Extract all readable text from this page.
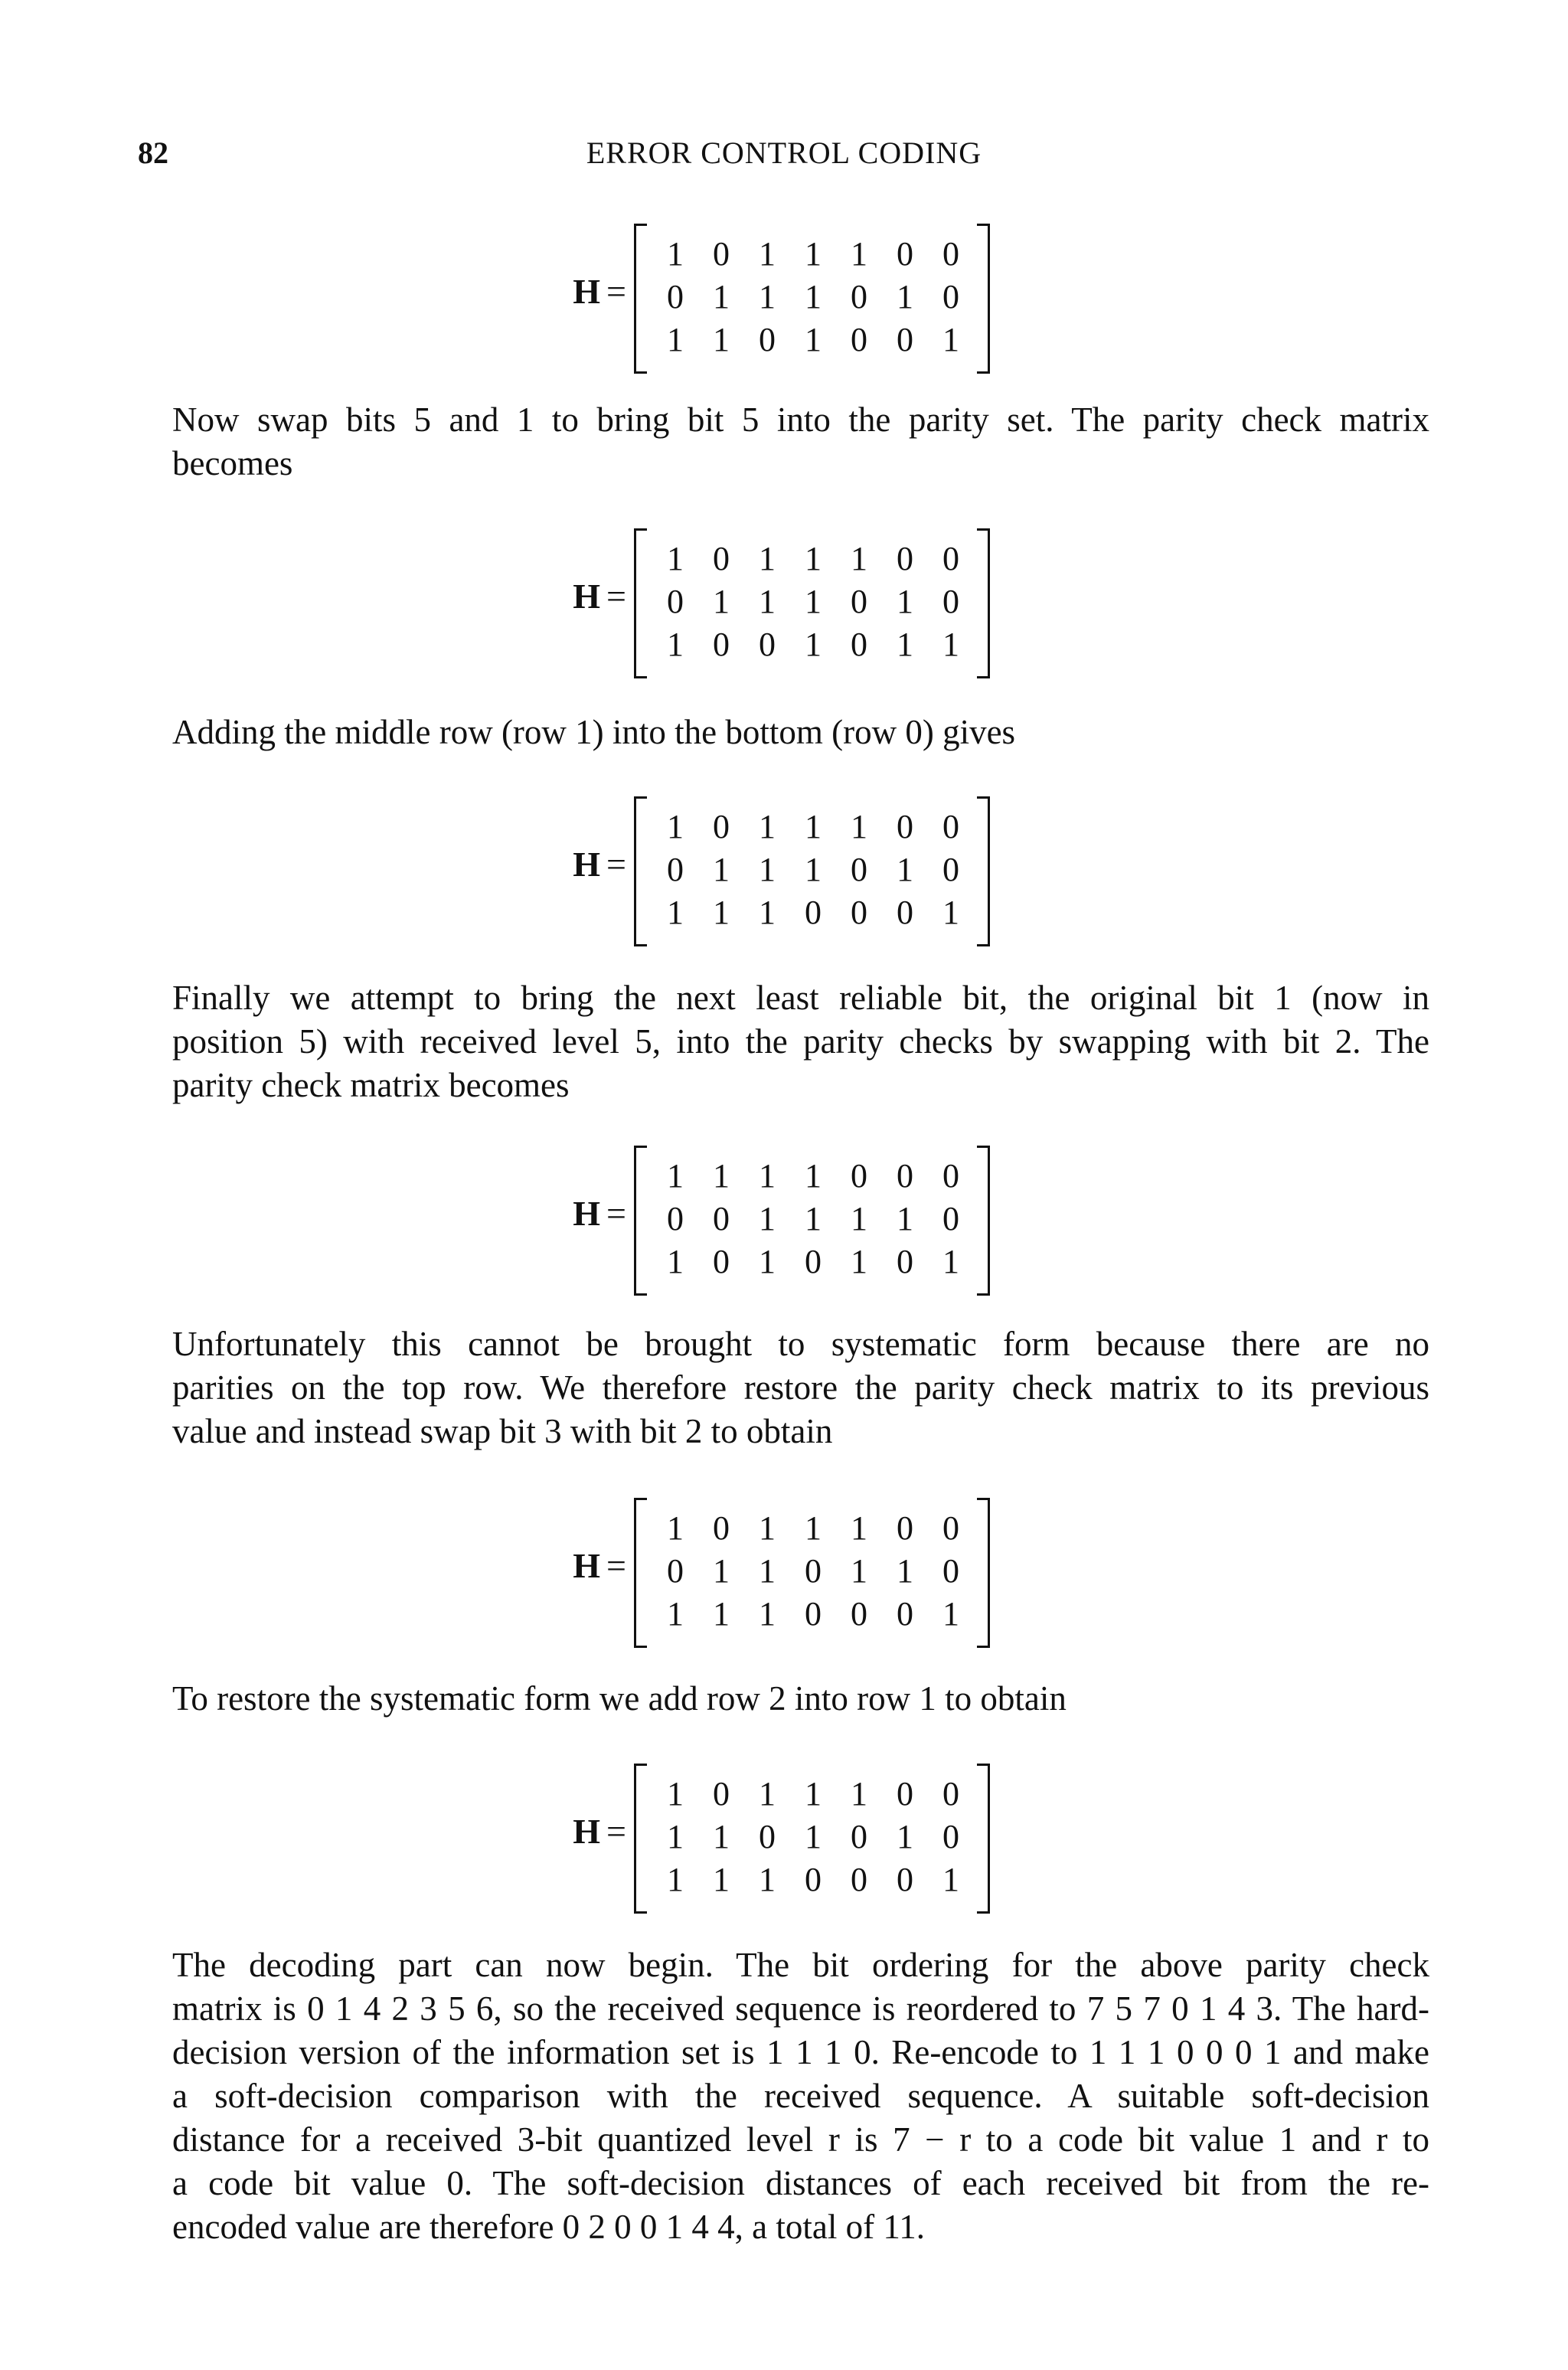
82	ERROR CONTROL CODING
H =
1 0 1 1 1 0 0
0 1 1 1 0 1 0
1 1 0 1 0 0 1
Now swap bits 5 and 1 to bring bit 5 into the parity set. The parity check matrix
becomes
H =
1 0 1 1 1 0 0
0 1 1 1 0 1 0
1 0 0 1 0 1 1
Adding the middle row (row 1) into the bottom (row 0) gives
H =
1 0 1 1 1 0 0
0 1 1 1 0 1 0
1 1 1 0 0 0 1
Finally we attempt to bring the next least reliable bit, the original bit 1 (now in
position 5) with received level 5, into the parity checks by swapping with bit 2. The
parity check matrix becomes
H =
1 1 1 1 0 0 0
0 0 1 1 1 1 0
1 0 1 0 1 0 1
Unfortunately this cannot be brought to systematic form because there are no
parities on the top row. We therefore restore the parity check matrix to its previous
value and instead swap bit 3 with bit 2 to obtain
H =
1 0 1 1 1 0 0
0 1 1 0 1 1 0
1 1 1 0 0 0 1
To restore the systematic form we add row 2 into row 1 to obtain
H =
1 0 1 1 1 0 0
1 1 0 1 0 1 0
1 1 1 0 0 0 1
The decoding part can now begin. The bit ordering for the above parity check
matrix is 0 1 4 2 3 5 6, so the received sequence is reordered to 7 5 7 0 1 4 3. The hard-
decision version of the information set is 1 1 1 0. Re-encode to 1 1 1 0 0 0 1 and make
a soft-decision comparison with the received sequence. A suitable soft-decision
distance for a received 3-bit quantized level r is 7 − r to a code bit value 1 and r to
a code bit value 0. The soft-decision distances of each received bit from the re-
encoded value are therefore 0 2 0 0 1 4 4, a total of 11.
